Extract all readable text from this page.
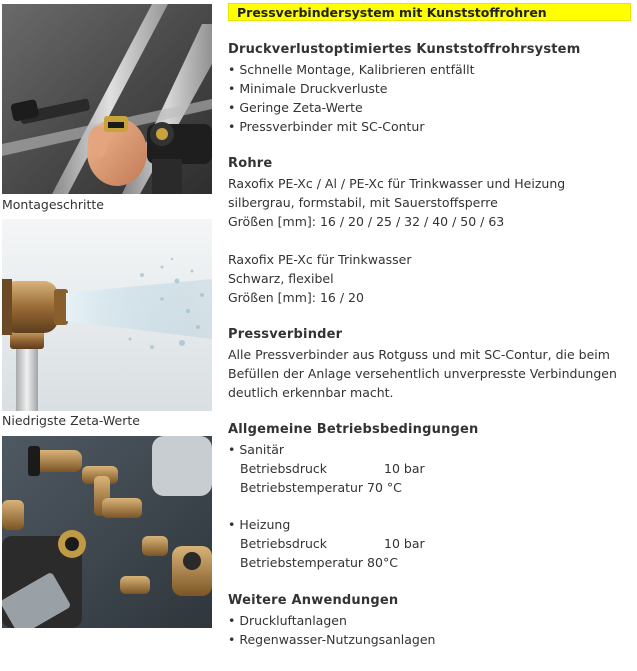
Montageschritte
Niedrigste Zeta-Werte
Pressverbindersystem mit Kunststoffrohren
Druckverlustoptimiertes Kunststoffrohrsystem
• Schnelle Montage, Kalibrieren entfällt
• Minimale Druckverluste
• Geringe Zeta-Werte
• Pressverbinder mit SC-Contur
Rohre
Raxofix PE-Xc / Al / PE-Xc für Trinkwasser und Heizung
silbergrau, formstabil, mit Sauerstoffsperre
Größen [mm]: 16 / 20 / 25 / 32 / 40 / 50 / 63
Raxofix PE-Xc für Trinkwasser
Schwarz, flexibel
Größen [mm]: 16 / 20
Pressverbinder
Alle Pressverbinder aus Rotguss und mit SC-Contur, die beim
Befüllen der Anlage versehentlich unverpresste Verbindungen
deutlich erkennbar macht.
Allgemeine Betriebsbedingungen
• Sanitär
Betriebsdruck	10 bar
Betriebstemperatur 70 °C
• Heizung
Betriebsdruck	10 bar
Betriebstemperatur 80°C
Weitere Anwendungen
• Druckluftanlagen
• Regenwasser-Nutzungsanlagen
